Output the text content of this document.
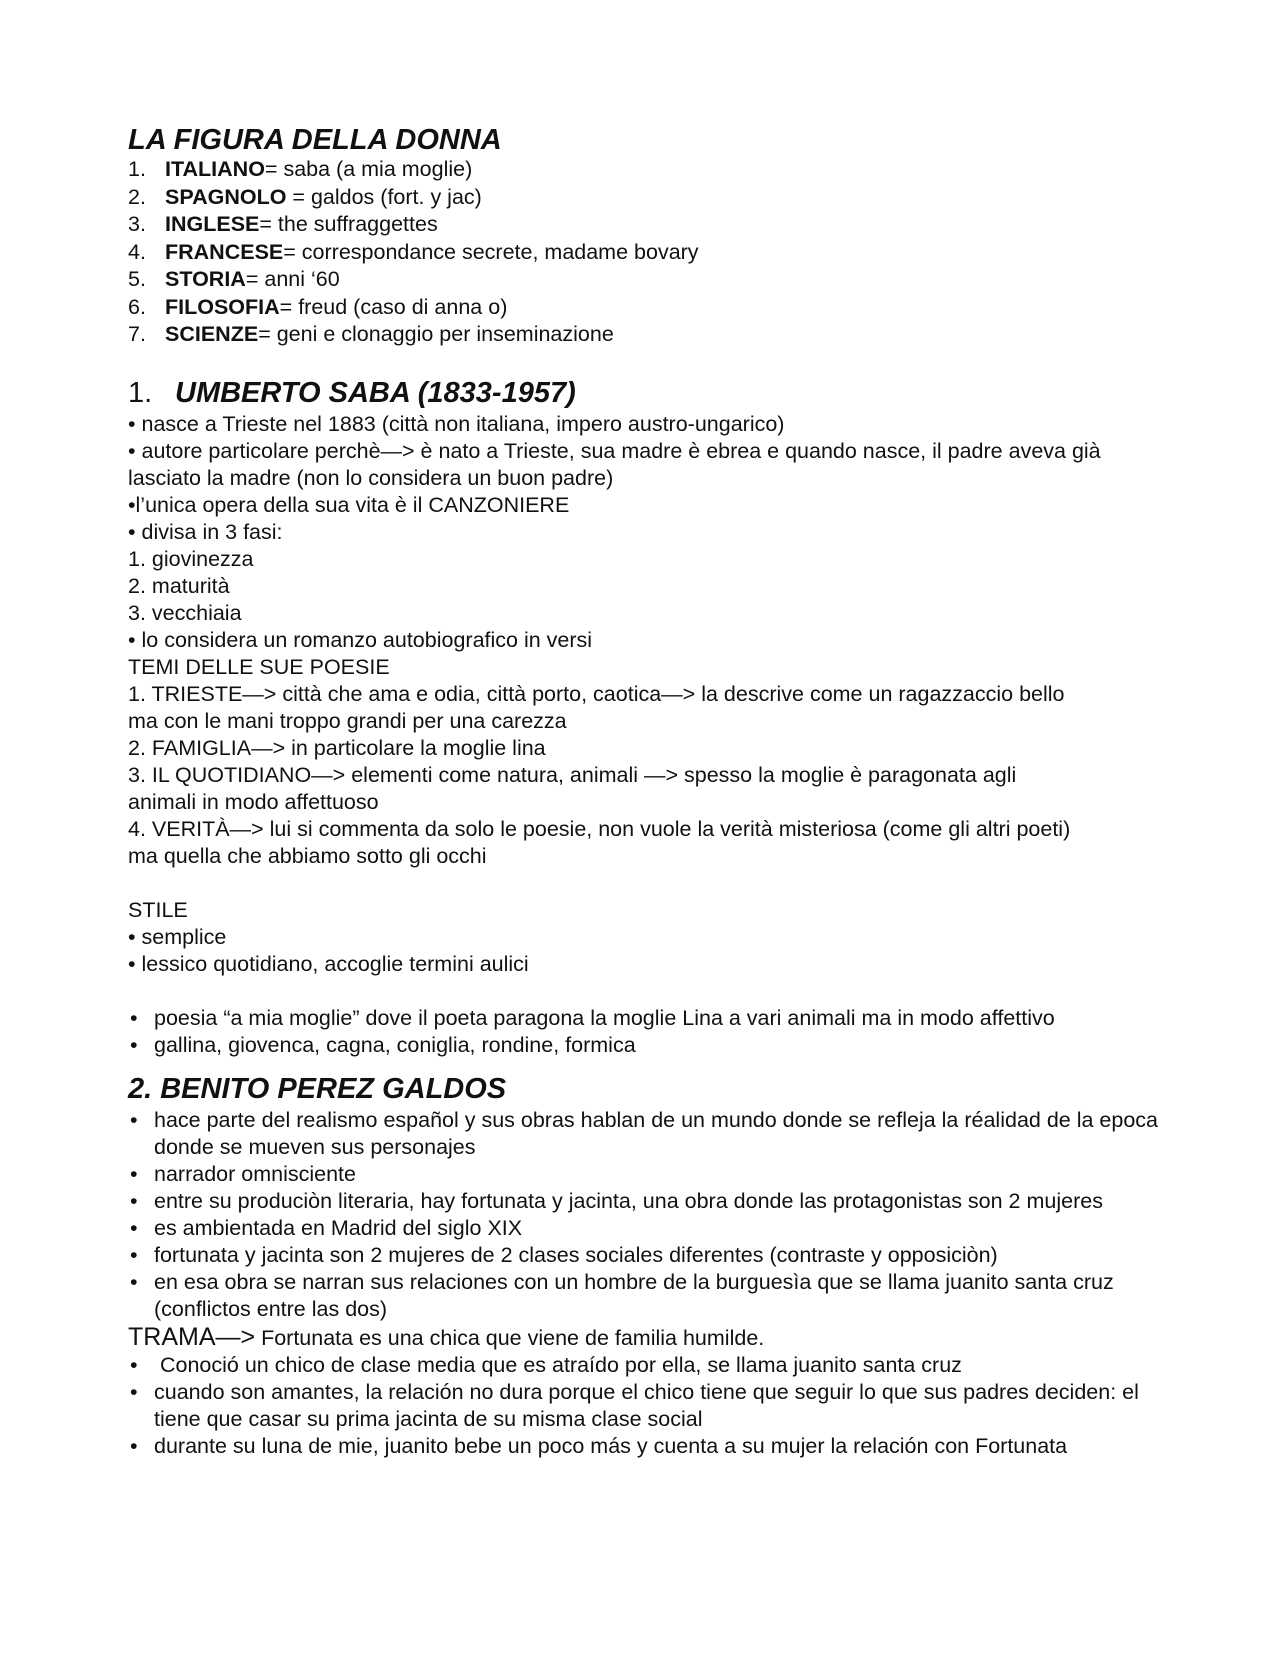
LA FIGURA DELLA DONNA
1. ITALIANO= saba (a mia moglie)
2. SPAGNOLO = galdos (fort. y jac)
3. INGLESE= the suffraggettes
4. FRANCESE= correspondance secrete, madame bovary
5. STORIA= anni ‘60
6. FILOSOFIA= freud (caso di anna o)
7. SCIENZE= geni e clonaggio per inseminazione
1. UMBERTO SABA (1833-1957)
• nasce a Trieste nel 1883 (città non italiana, impero austro-ungarico)
• autore particolare perchè—> è nato a Trieste, sua madre è ebrea e quando nasce, il padre aveva già
lasciato la madre (non lo considera un buon padre)
•l’unica opera della sua vita è il CANZONIERE
• divisa in 3 fasi:
1. giovinezza
2. maturità
3. vecchiaia
• lo considera un romanzo autobiografico in versi
TEMI DELLE SUE POESIE
1. TRIESTE—> città che ama e odia, città porto, caotica—> la descrive come un ragazzaccio bello
ma con le mani troppo grandi per una carezza
2. FAMIGLIA—> in particolare la moglie lina
3. IL QUOTIDIANO—> elementi come natura, animali —> spesso la moglie è paragonata agli
animali in modo affettuoso
4. VERITÀ—> lui si commenta da solo le poesie, non vuole la verità misteriosa (come gli altri poeti)
ma quella che abbiamo sotto gli occhi
STILE
• semplice
• lessico quotidiano, accoglie termini aulici
• poesia “a mia moglie” dove il poeta paragona la moglie Lina a vari animali ma in modo affettivo
• gallina, giovenca, cagna, coniglia, rondine, formica
2. BENITO PEREZ GALDOS
• hace parte del realismo español y sus obras hablan de un mundo donde se refleja la réalidad de la epoca donde se mueven sus personajes
• narrador omnisciente
• entre su produciòn literaria, hay fortunata y jacinta, una obra donde las protagonistas son 2 mujeres
• es ambientada en Madrid del siglo XIX
• fortunata y jacinta son 2 mujeres de 2 clases sociales diferentes (contraste y opposiciòn)
• en esa obra se narran sus relaciones con un hombre de la burguesìa que se llama juanito santa cruz (conflictos entre las dos)
TRAMA—> Fortunata es una chica que viene de familia humilde.
• Conoció un chico de clase media que es atraído por ella, se llama juanito santa cruz
• cuando son amantes, la relación no dura porque el chico tiene que seguir lo que sus padres deciden: el tiene que casar su prima jacinta de su misma clase social
• durante su luna de mie, juanito bebe un poco más y cuenta a su mujer la relación con Fortunata
